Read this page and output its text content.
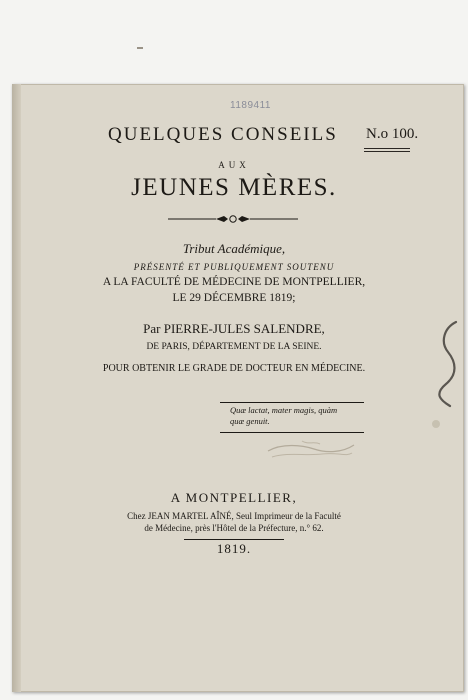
1189411
QUELQUES CONSEILS N.o 100.
AUX
JEUNES MÈRES.
Tribut Académique,
PRÉSENTÉ ET PUBLIQUEMENT SOUTENU
A LA FACULTÉ DE MÉDECINE DE MONTPELLIER,
LE 29 DÉCEMBRE 1819;
Par PIERRE-JULES SALENDRE,
DE PARIS, DÉPARTEMENT DE LA SEINE.
POUR OBTENIR LE GRADE DE DOCTEUR EN MÉDECINE.
Quæ lactat, mater magis, quàm
quæ genuit.
A MONTPELLIER,
Chez JEAN MARTEL AÎNÉ, Seul Imprimeur de la Faculté
de Médecine, près l'Hôtel de la Préfecture, n.° 62.
1819.
